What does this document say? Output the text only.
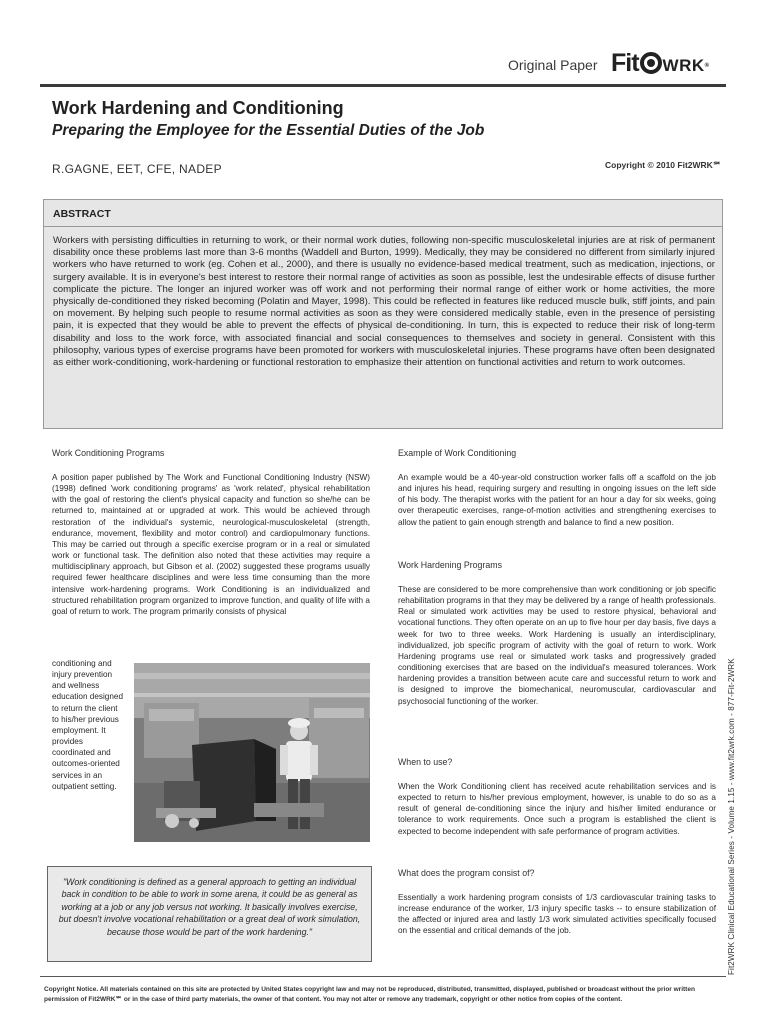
Original Paper Fit WRK ®
Work Hardening and Conditioning
Preparing the Employee for the Essential Duties of the Job
R.GAGNE, EET, CFE, NADEP	Copyright © 2010 Fit2WRK℠
ABSTRACT

Workers with persisting difficulties in returning to work, or their normal work duties, following non-specific musculoskeletal injuries are at risk of permanent disability once these problems last more than 3-6 months (Waddell and Burton, 1999). Medically, they may be considered no different from similarly injured workers who have returned to work (eg. Cohen et al., 2000), and there is usually no evidence-based medical treatment, such as medication, injections, or surgery available. It is in everyone's best interest to restore their normal range of activities as soon as possible, lest the undesirable effects of disuse further complicate the picture. The longer an injured worker was off work and not performing their normal range of either work or home activities, the more physically de-conditioned they risked becoming (Polatin and Mayer, 1998). This could be reflected in features like reduced muscle bulk, stiff joints, and pain on movement. By helping such people to resume normal activities as soon as they were considered medically stable, even in the presence of persisting pain, it is expected that they would be able to prevent the effects of physical de-conditioning. In turn, this is expected to reduce their risk of long-term disability and loss to the work force, with associated financial and social consequences to themselves and society in general. Consistent with this philosophy, various types of exercise programs have been promoted for workers with musculoskeletal injuries. These programs have often been designated as either work-conditioning, work-hardening or functional restoration to emphasize their attention on functional activities and return to work outcomes.

Work Conditioning Programs

A position paper published by The Work and Functional Conditioning Industry (NSW) (1998) defined 'work conditioning programs' as 'work related', physical rehabilitation with the goal of restoring the client's physical capacity and function so she/he can be returned to, maintained at or upgraded at work. This would be achieved through restoration of the individual's systemic, neurological-musculoskeletal (strength, endurance, movement, flexibility and motor control) and cardiopulmonary functions. This may be carried out through a specific exercise program or in a real or simulated work or functional task. The definition also noted that these activities may require a multidisciplinary approach, but Gibson et al. (2002) suggested these programs usually required fewer healthcare disciplines and were less time consuming than the more intensive work-hardening programs. Work Conditioning is an individualized and structured rehabilitation program organized to improve function, and quality of life with a goal of return to work. The program primarily consists of physical

conditioning and injury prevention and wellness education designed to return the client to his/her previous employment. It provides coordinated and outcomes-oriented services in an outpatient setting.

"Work conditioning is defined as a general approach to getting an individual back in condition to be able to work in some arena, it could be as general as working at a job or any job versus not working. It basically involves exercise, but doesn't involve vocational rehabilitation or a great deal of work simulation, because those would be part of the work hardening."

Example of Work Conditioning

An example would be a 40-year-old construction worker falls off a scaffold on the job and injures his head, requiring surgery and resulting in ongoing issues on the left side of his body. The therapist works with the patient for an hour a day for six weeks, going over therapeutic exercises, range-of-motion activities and strengthening exercises to allow the patient to gain enough strength and balance to find a new position.

Work Hardening Programs

These are considered to be more comprehensive than work conditioning or job specific rehabilitation programs in that they may be delivered by a range of health professionals. Real or simulated work activities may be used to restore physical, behavioral and vocational functions. They often operate on an up to five hour per day basis, five days a week for two to three weeks. Work Hardening is usually an interdisciplinary, individualized, job specific program of activity with the goal of return to work. Work Hardening programs use real or simulated work tasks and progressively graded conditioning exercises that are based on the individual's measured tolerances. Work hardening provides a transition between acute care and successful return to work and is designed to improve the biomechanical, neuromuscular, cardiovascular and psychosocial functioning of the worker.

When to use?

When the Work Conditioning client has received acute rehabilitation services and is expected to return to his/her previous employment, however, is unable to do so as a result of general de-conditioning since the injury and his/her limited endurance or tolerance to work requirements. Once such a program is established the client is expected to become independent with safe performance of program activities.

What does the program consist of?

Essentially a work hardening program consists of 1/3 cardiovascular training tasks to increase endurance of the worker, 1/3 injury specific tasks -- to ensure stabilization of the affected or injured area and lastly 1/3 work simulated activities specifically focused on the essential and critical demands of the job.	Fit2WRK Clinical Educational Series - Volume 1.15 - www.fit2wrk.com - 877-Fit-2WRK

Copyright Notice. All materials contained on this site are protected by United States copyright law and may not be reproduced, distributed, transmitted, displayed, published or broadcast without the prior written permission of Fit2WRK℠ or in the case of third party materials, the owner of that content. You may not alter or remove any trademark, copyright or other notice from copies of the content.
